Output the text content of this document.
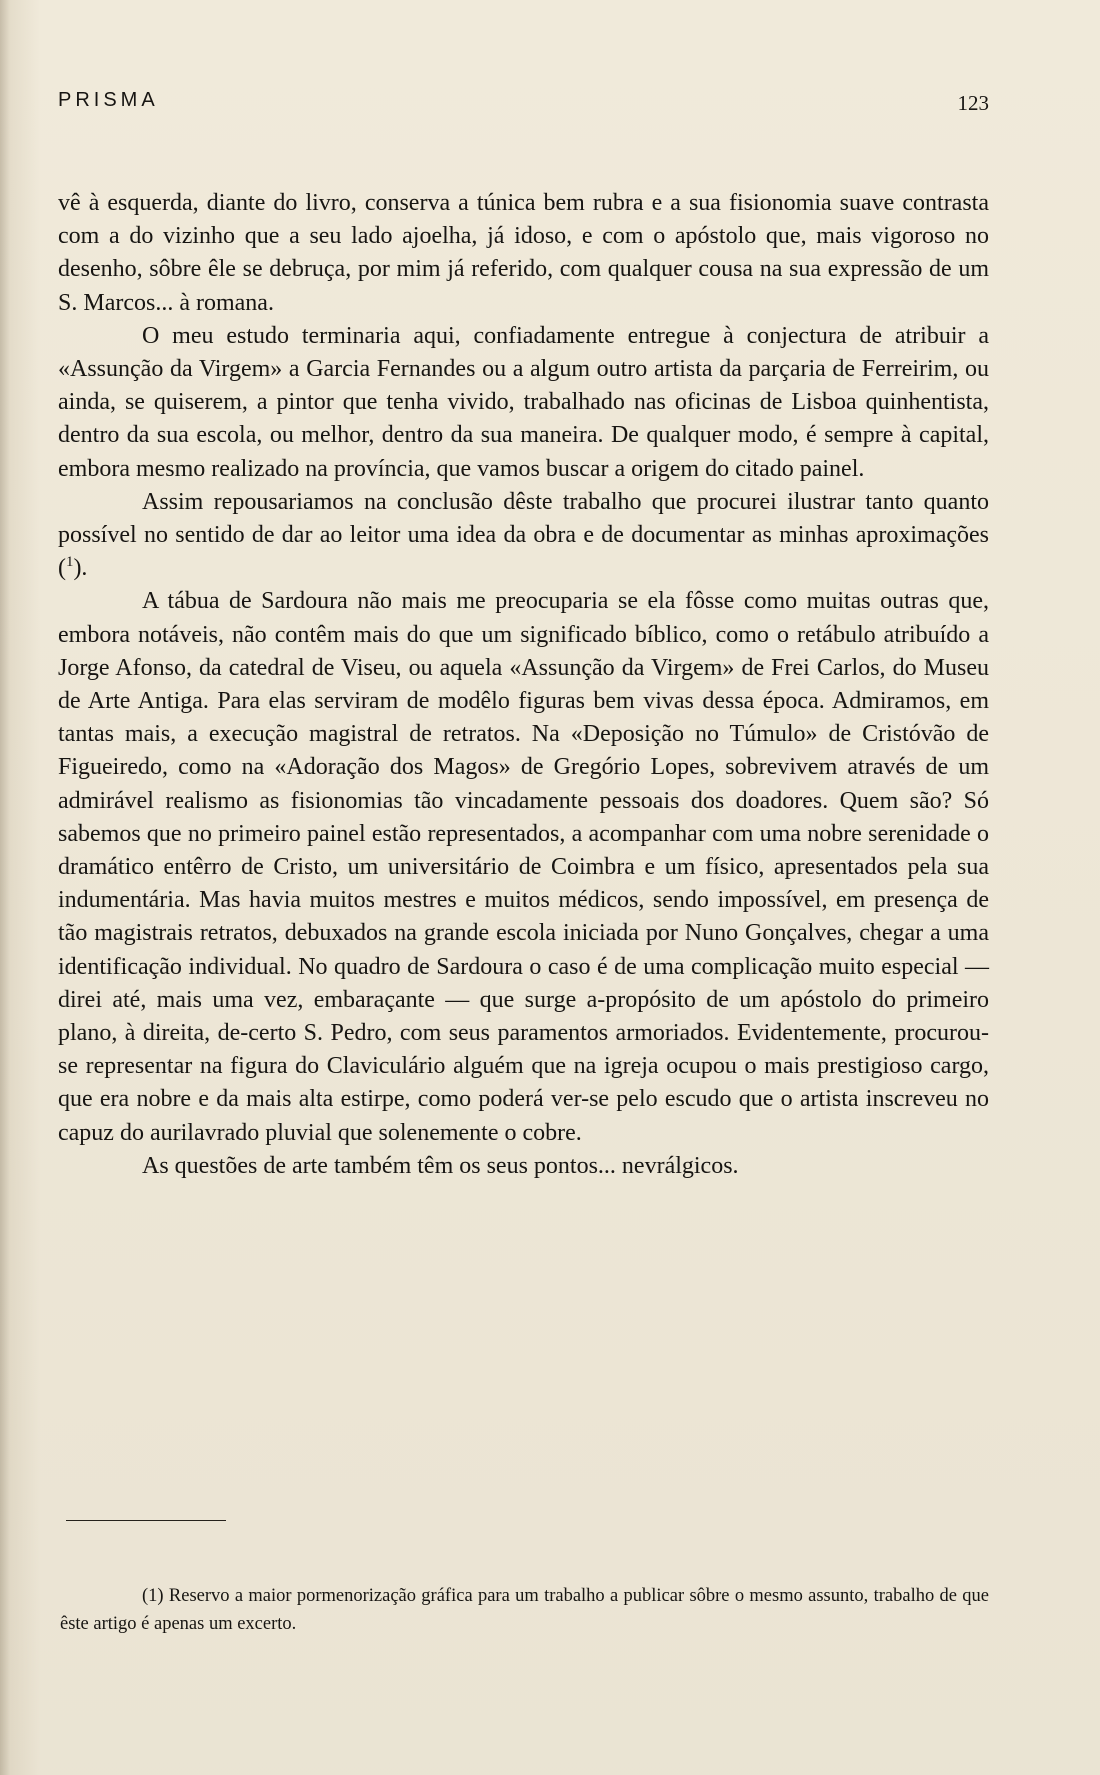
PRISMA	123

vê à esquerda, diante do livro, conserva a túnica bem rubra e a sua fisionomia suave contrasta com a do vizinho que a seu lado ajoelha, já idoso, e com o apóstolo que, mais vigoroso no desenho, sôbre êle se debruça, por mim já referido, com qualquer cousa na sua expressão de um S. Marcos... à romana.

O meu estudo terminaria aqui, confiadamente entregue à conjectura de atribuir a «Assunção da Virgem» a Garcia Fernandes ou a algum outro artista da parçaria de Ferreirim, ou ainda, se quiserem, a pintor que tenha vivido, trabalhado nas oficinas de Lisboa quinhentista, dentro da sua escola, ou melhor, dentro da sua maneira. De qualquer modo, é sempre à capital, embora mesmo realizado na província, que vamos buscar a origem do citado painel.

Assim repousariamos na conclusão dêste trabalho que procurei ilustrar tanto quanto possível no sentido de dar ao leitor uma idea da obra e de documentar as minhas aproximações ($^1$).

A tábua de Sardoura não mais me preocuparia se ela fôsse como muitas outras que, embora notáveis, não contêm mais do que um significado bíblico, como o retábulo atribuído a Jorge Afonso, da catedral de Viseu, ou aquela «Assunção da Virgem» de Frei Carlos, do Museu de Arte Antiga. Para elas serviram de modêlo figuras bem vivas dessa época. Admiramos, em tantas mais, a execução magistral de retratos. Na «Deposição no Túmulo» de Cristóvão de Figueiredo, como na «Adoração dos Magos» de Gregório Lopes, sobrevivem através de um admirável realismo as fisionomias tão vincadamente pessoais dos doadores. Quem são? Só sabemos que no primeiro painel estão representados, a acompanhar com uma nobre serenidade o dramático entêrro de Cristo, um universitário de Coimbra e um físico, apresentados pela sua indumentária. Mas havia muitos mestres e muitos médicos, sendo impossível, em presença de tão magistrais retratos, debuxados na grande escola iniciada por Nuno Gonçalves, chegar a uma identificação individual. No quadro de Sardoura o caso é de uma complicação muito especial — direi até, mais uma vez, embaraçante — que surge a-propósito de um apóstolo do primeiro plano, à direita, de-certo S. Pedro, com seus paramentos armoriados. Evidentemente, procurou-se representar na figura do Claviculário alguém que na igreja ocupou o mais prestigioso cargo, que era nobre e da mais alta estirpe, como poderá ver-se pelo escudo que o artista inscreveu no capuz do aurilavrado pluvial que solenemente o cobre.

As questões de arte também têm os seus pontos... nevrálgicos.

(1) Reservo a maior pormenorização gráfica para um trabalho a publicar sôbre o mesmo assunto, trabalho de que êste artigo é apenas um excerto.
